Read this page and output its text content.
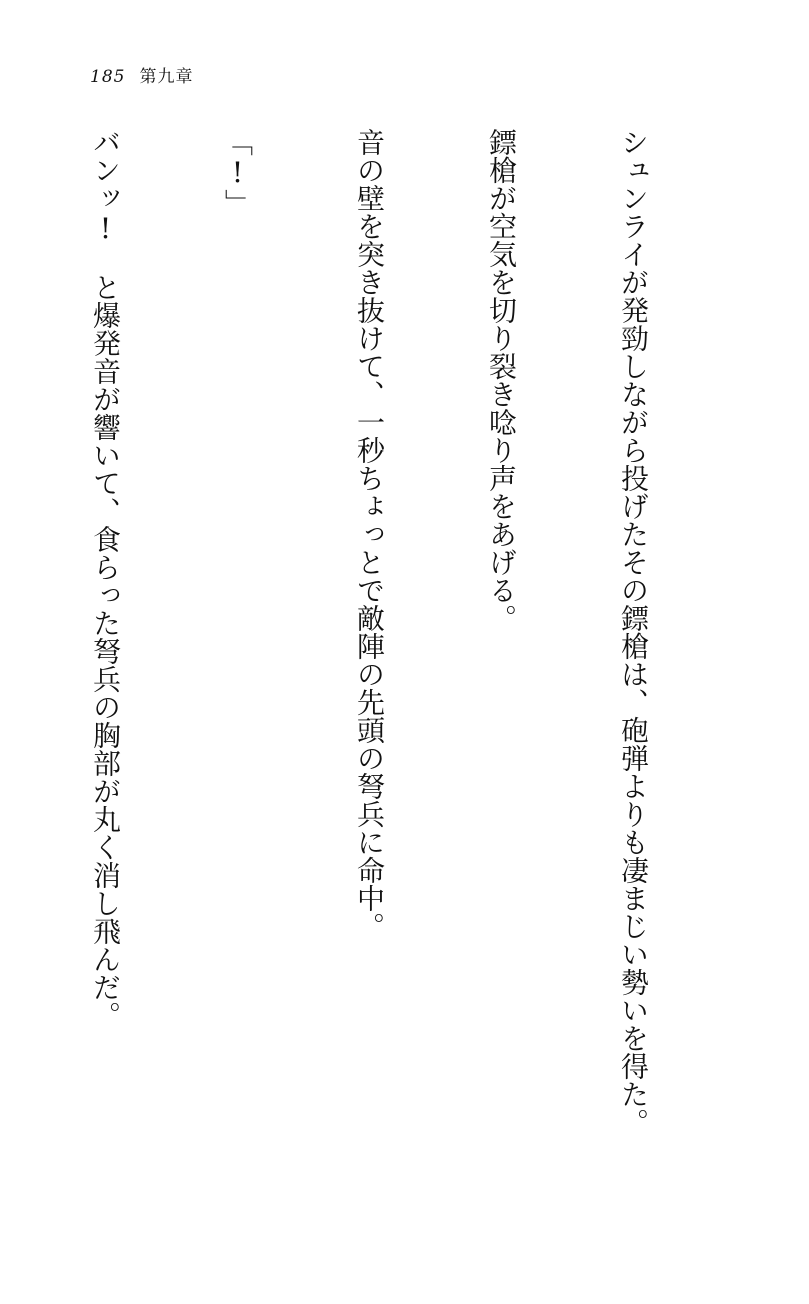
185 第九章

シュンライが発勁しながら投げたその鏢槍は、砲弾よりも凄まじい勢いを得た。

鏢槍が空気を切り裂き唸り声をあげる。

音の壁を突き抜けて、一秒ちょっとで敵陣の先頭の弩兵に命中。

「!」

バンッ!　と爆発音が響いて、食らった弩兵の胸部が丸く消し飛んだ。
